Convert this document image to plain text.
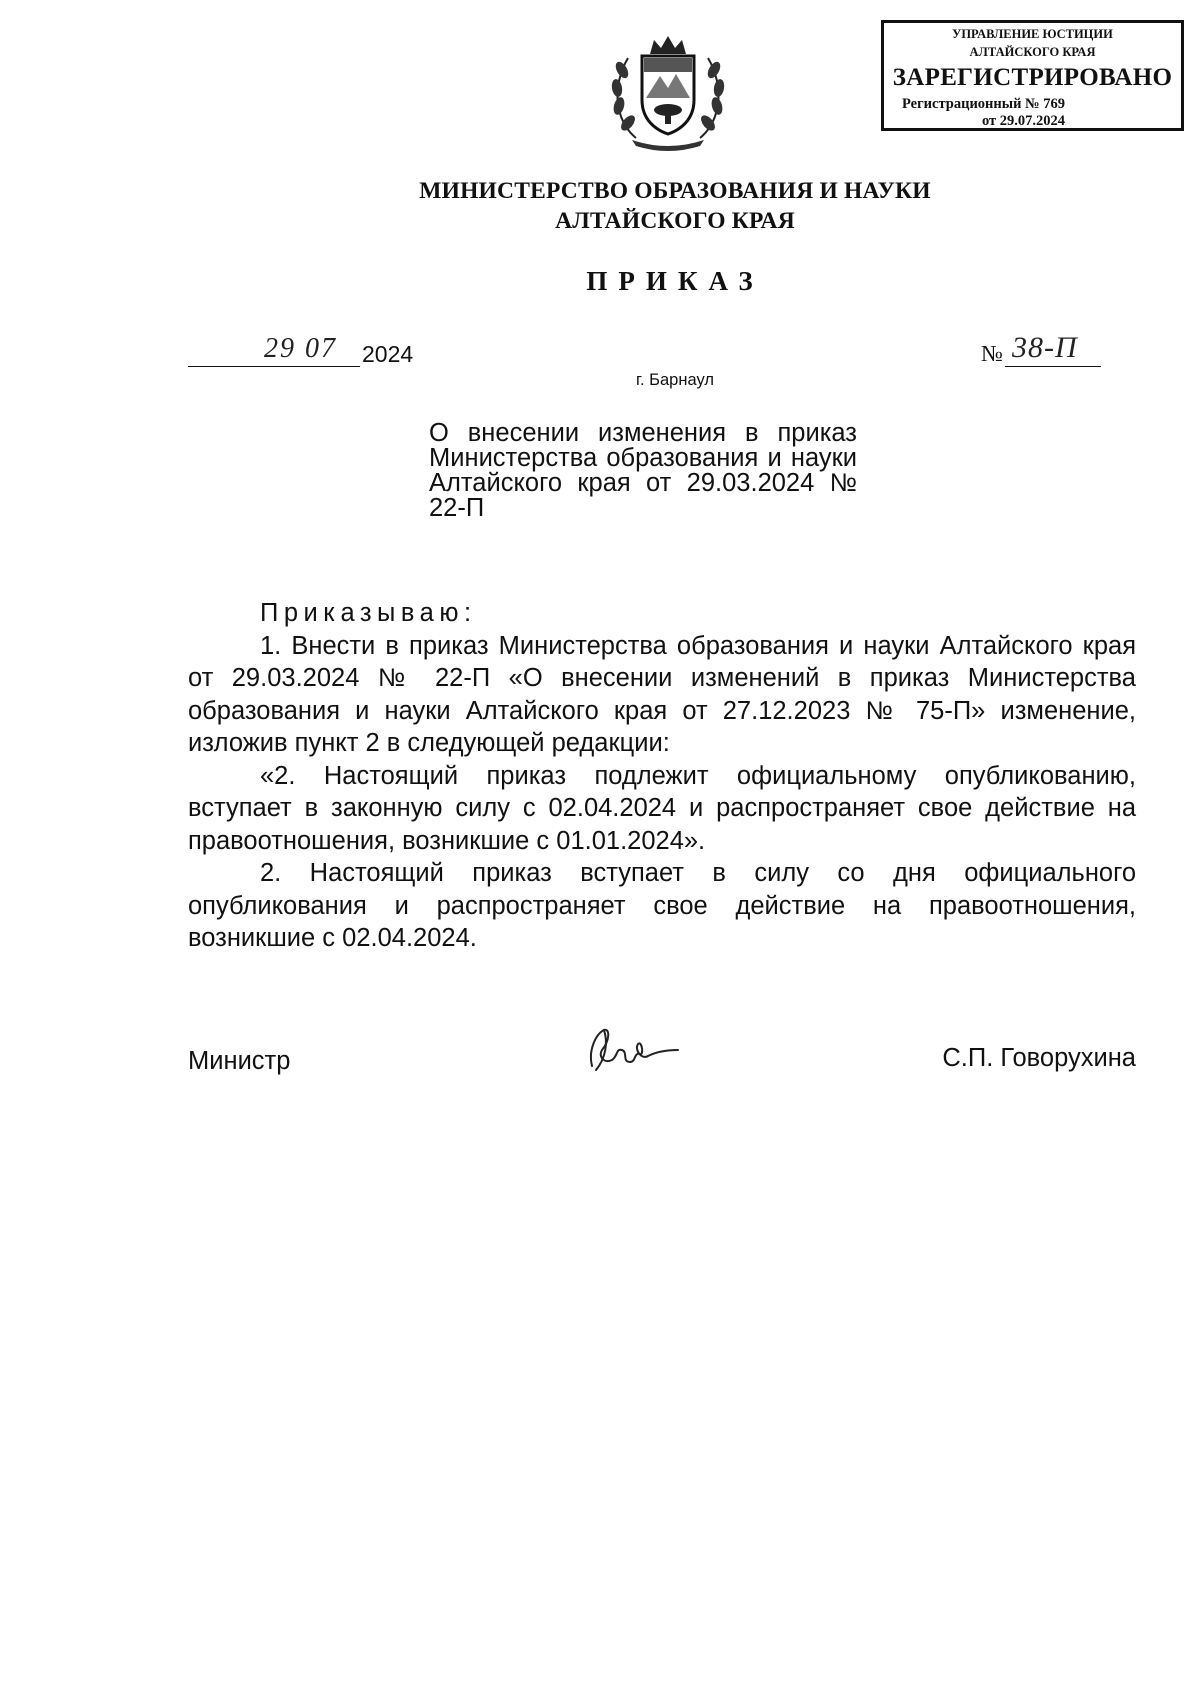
УПРАВЛЕНИЕ ЮСТИЦИИ
АЛТАЙСКОГО КРАЯ
ЗАРЕГИСТРИРОВАНО
Регистрационный № 769
от 29.07.2024
МИНИСТЕРСТВО ОБРАЗОВАНИЯ И НАУКИ
АЛТАЙСКОГО КРАЯ
ПРИКАЗ
29 07 2024	№ 38-П
г. Барнаул
О внесении изменения в приказ Министерства образования и науки Алтайского края от 29.03.2024 № 22-П

Приказываю:

1. Внести в приказ Министерства образования и науки Алтайского края от 29.03.2024 № 22-П «О внесении изменений в приказ Министерства образования и науки Алтайского края от 27.12.2023 № 75-П» изменение, изложив пункт 2 в следующей редакции:

«2. Настоящий приказ подлежит официальному опубликованию, вступает в законную силу с 02.04.2024 и распространяет свое действие на правоотношения, возникшие с 01.01.2024».

2. Настоящий приказ вступает в силу со дня официального опубликования и распространяет свое действие на правоотношения, возникшие с 02.04.2024.

Министр	С.П. Говорухина
